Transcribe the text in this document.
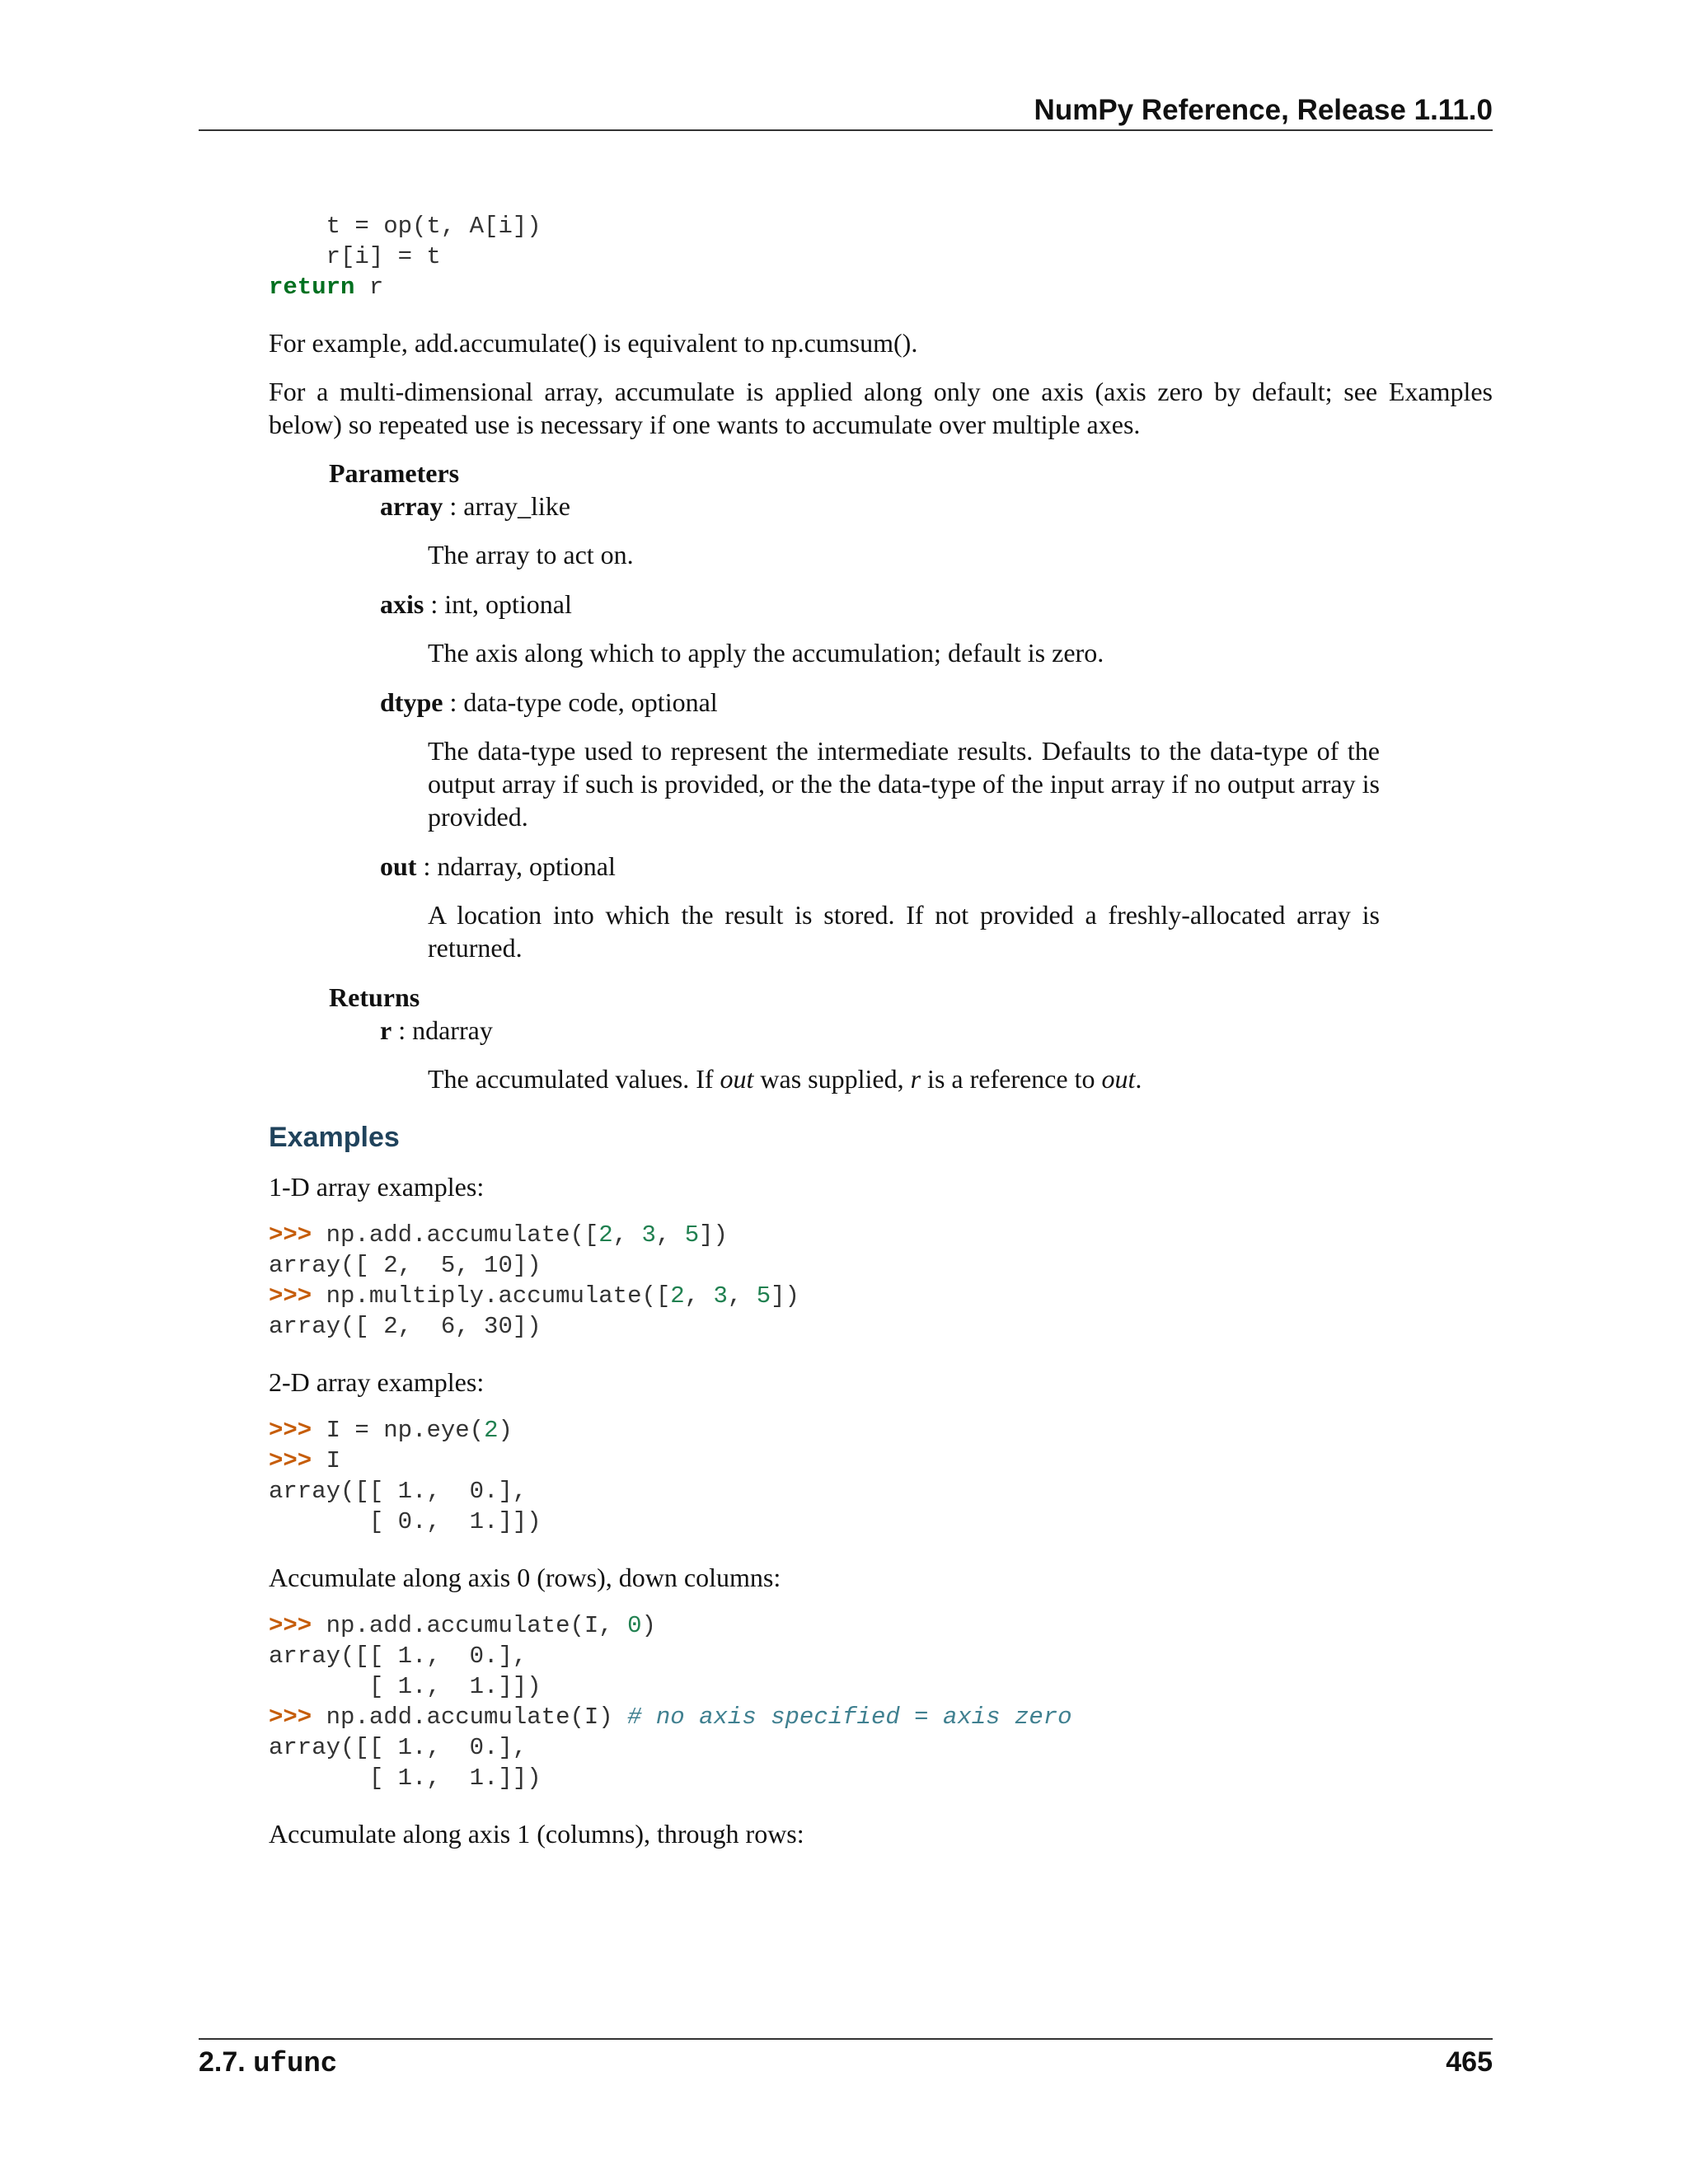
NumPy Reference, Release 1.11.0
t = op(t, A[i])
r[i] = t
return r

For example, add.accumulate() is equivalent to np.cumsum().

For a multi-dimensional array, accumulate is applied along only one axis (axis zero by default; see Examples below) so repeated use is necessary if one wants to accumulate over multiple axes.

Parameters
array : array_like
The array to act on.
axis : int, optional
The axis along which to apply the accumulation; default is zero.
dtype : data-type code, optional
The data-type used to represent the intermediate results. Defaults to the data-type of the output array if such is provided, or the the data-type of the input array if no output array is provided.
out : ndarray, optional
A location into which the result is stored. If not provided a freshly-allocated array is returned.
Returns
r : ndarray
The accumulated values. If out was supplied, r is a reference to out.
Examples

1-D array examples:

>>> np.add.accumulate([2, 3, 5])
array([ 2,  5, 10])
>>> np.multiply.accumulate([2, 3, 5])
array([ 2,  6, 30])

2-D array examples:

>>> I = np.eye(2)
>>> I
array([[ 1.,  0.],
[ 0.,  1.]])

Accumulate along axis 0 (rows), down columns:

>>> np.add.accumulate(I, 0)
array([[ 1.,  0.],
[ 1.,  1.]])
>>> np.add.accumulate(I) # no axis specified = axis zero
array([[ 1.,  0.],
[ 1.,  1.]])

Accumulate along axis 1 (columns), through rows:

2.7. ufunc	465
